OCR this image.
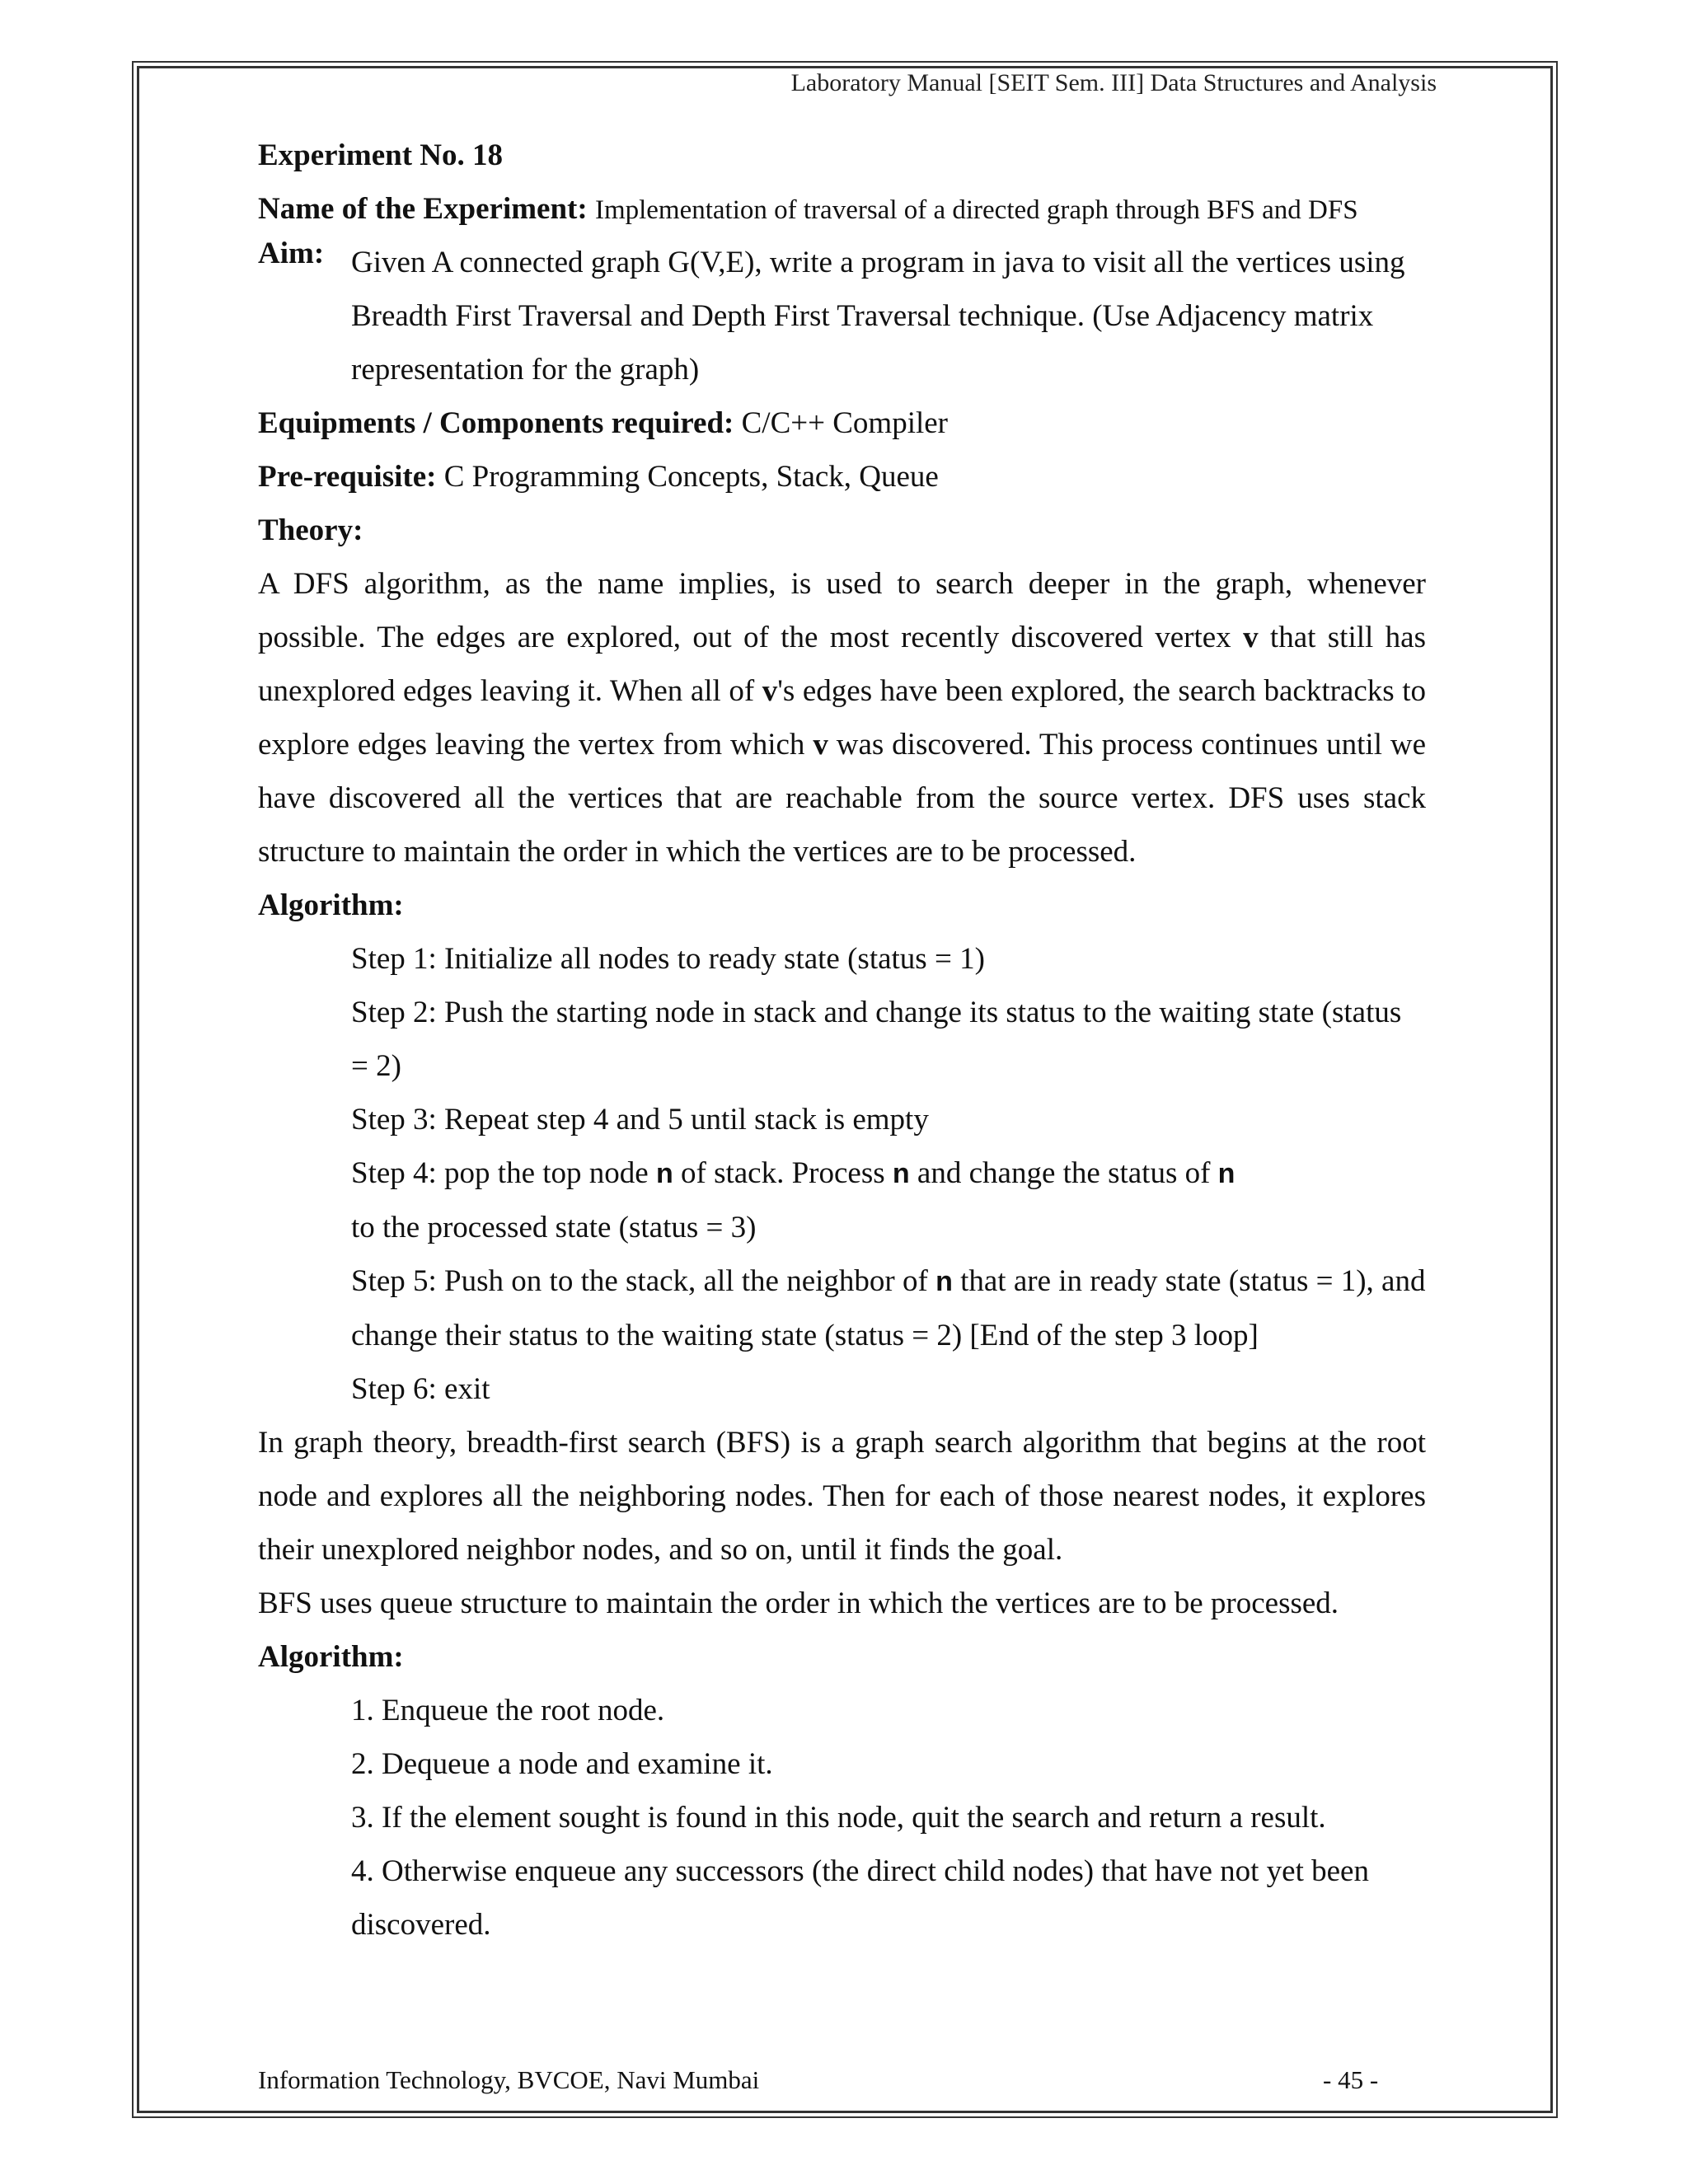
Laboratory Manual [SEIT Sem. III] Data Structures and Analysis
Experiment No. 18
Name of the Experiment: Implementation of traversal of a directed graph through BFS and DFS
Aim: Given A connected graph G(V,E), write a program in java to visit all the vertices using Breadth First Traversal and Depth First Traversal technique. (Use Adjacency matrix representation for the graph)
Equipments / Components required: C/C++ Compiler
Pre-requisite: C Programming Concepts, Stack, Queue
Theory:
A DFS algorithm, as the name implies, is used to search deeper in the graph, whenever possible. The edges are explored, out of the most recently discovered vertex v that still has unexplored edges leaving it. When all of v's edges have been explored, the search backtracks to explore edges leaving the vertex from which v was discovered. This process continues until we have discovered all the vertices that are reachable from the source vertex. DFS uses stack structure to maintain the order in which the vertices are to be processed.
Algorithm:
Step 1: Initialize all nodes to ready state (status = 1)
Step 2: Push the starting node in stack and change its status to the waiting state (status = 2)
Step 3: Repeat step 4 and 5 until stack is empty
Step 4: pop the top node n of stack. Process n and change the status of n
to the processed state (status = 3)
Step 5: Push on to the stack, all the neighbor of n that are in ready state (status = 1), and change their status to the waiting state (status = 2) [End of the step 3 loop]
Step 6: exit
In graph theory, breadth-first search (BFS) is a graph search algorithm that begins at the root node and explores all the neighboring nodes. Then for each of those nearest nodes, it explores their unexplored neighbor nodes, and so on, until it finds the goal.
BFS uses queue structure to maintain the order in which the vertices are to be processed.
Algorithm:
1. Enqueue the root node.
2. Dequeue a node and examine it.
3. If the element sought is found in this node, quit the search and return a result.
4. Otherwise enqueue any successors (the direct child nodes) that have not yet been discovered.
Information Technology, BVCOE, Navi Mumbai	- 45 -
